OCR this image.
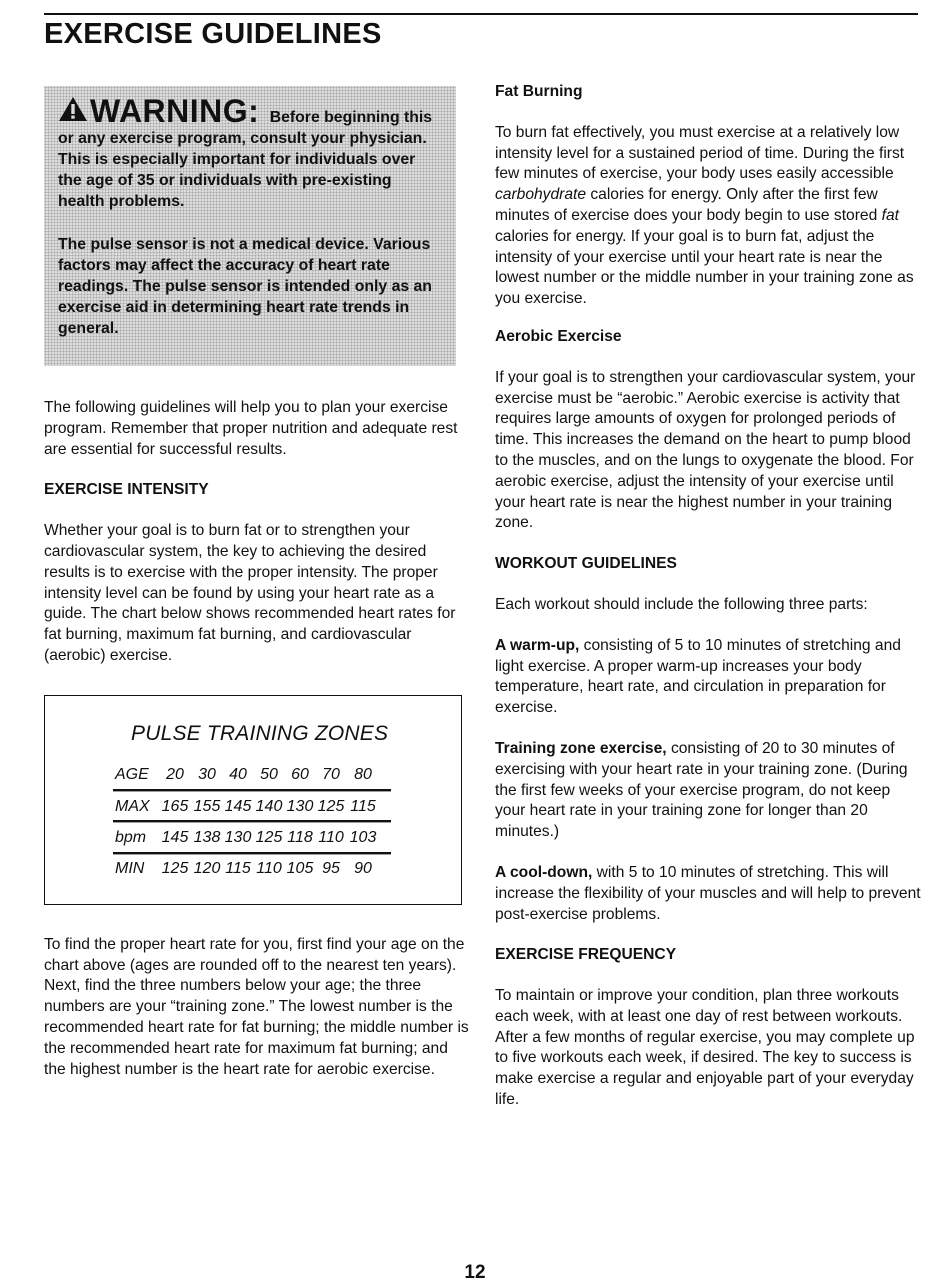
EXERCISE GUIDELINES

WARNING: Before beginning this or any exercise program, consult your physician. This is especially important for individuals over the age of 35 or individuals with pre-existing health problems.

The pulse sensor is not a medical device. Various factors may affect the accuracy of heart rate readings. The pulse sensor is intended only as an exercise aid in determining heart rate trends in general.

The following guidelines will help you to plan your exercise program. Remember that proper nutrition and adequate rest are essential for successful results.

EXERCISE INTENSITY

Whether your goal is to burn fat or to strengthen your cardiovascular system, the key to achieving the desired results is to exercise with the proper intensity. The proper intensity level can be found by using your heart rate as a guide. The chart below shows recommended heart rates for fat burning, maximum fat burning, and cardiovascular (aerobic) exercise.

PULSE TRAINING ZONES
AGE 20 30 40 50 60 70 80
MAX 165 155 145 140 130 125 115
bpm 145 138 130 125 118 110 103
MIN 125 120 115 110 105 95 90

To find the proper heart rate for you, first find your age on the chart above (ages are rounded off to the nearest ten years). Next, find the three numbers below your age; the three numbers are your “training zone.” The lowest number is the recommended heart rate for fat burning; the middle number is the recommended heart rate for maximum fat burning; and the highest number is the heart rate for aerobic exercise.

Fat Burning

To burn fat effectively, you must exercise at a relatively low intensity level for a sustained period of time. During the first few minutes of exercise, your body uses easily accessible carbohydrate calories for energy. Only after the first few minutes of exercise does your body begin to use stored fat calories for energy. If your goal is to burn fat, adjust the intensity of your exercise until your heart rate is near the lowest number or the middle number in your training zone as you exercise.

Aerobic Exercise

If your goal is to strengthen your cardiovascular system, your exercise must be “aerobic.” Aerobic exercise is activity that requires large amounts of oxygen for prolonged periods of time. This increases the demand on the heart to pump blood to the muscles, and on the lungs to oxygenate the blood. For aerobic exercise, adjust the intensity of your exercise until your heart rate is near the highest number in your training zone.

WORKOUT GUIDELINES

Each workout should include the following three parts:

A warm-up, consisting of 5 to 10 minutes of stretching and light exercise. A proper warm-up increases your body temperature, heart rate, and circulation in preparation for exercise.

Training zone exercise, consisting of 20 to 30 minutes of exercising with your heart rate in your training zone. (During the first few weeks of your exercise program, do not keep your heart rate in your training zone for longer than 20 minutes.)

A cool-down, with 5 to 10 minutes of stretching. This will increase the flexibility of your muscles and will help to prevent post-exercise problems.

EXERCISE FREQUENCY

To maintain or improve your condition, plan three workouts each week, with at least one day of rest between workouts. After a few months of regular exercise, you may complete up to five workouts each week, if desired. The key to success is make exercise a regular and enjoyable part of your everyday life.

12
